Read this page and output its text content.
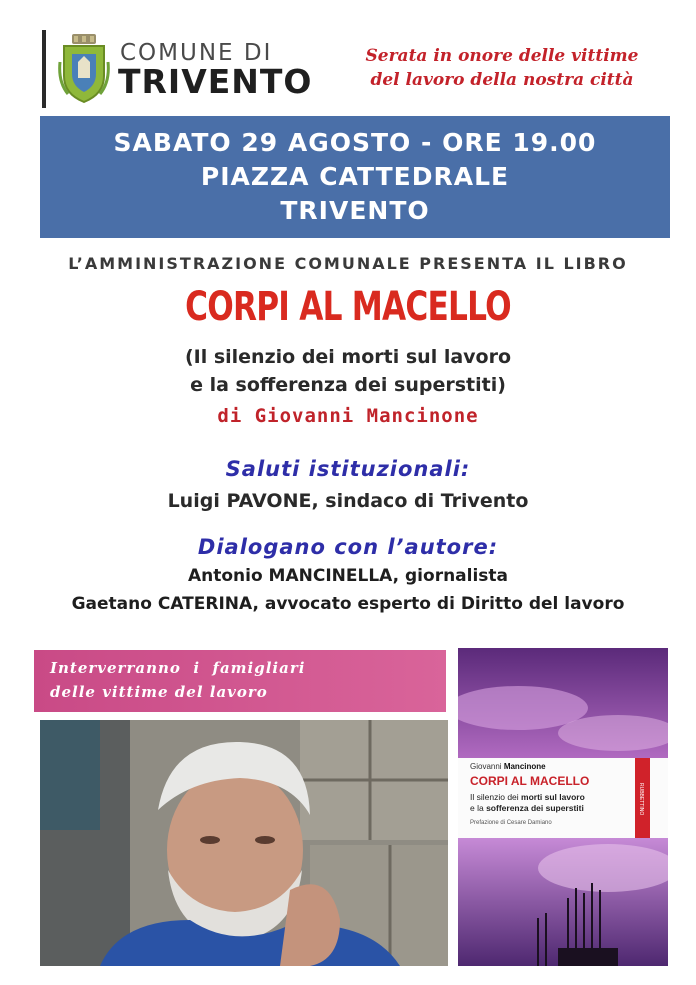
COMUNE DI
TRIVENTO
Serata in onore delle vittime
del lavoro della nostra città
SABATO 29 AGOSTO - ORE 19.00
PIAZZA CATTEDRALE
TRIVENTO
L’AMMINISTRAZIONE COMUNALE PRESENTA IL LIBRO
CORPI AL MACELLO
(Il silenzio dei morti sul lavoro
e la sofferenza dei superstiti)
di Giovanni Mancinone
Saluti istituzionali:
Luigi PAVONE, sindaco di Trivento
Dialogano con l’autore:
Antonio MANCINELLA, giornalista
Gaetano CATERINA, avvocato esperto di Diritto del lavoro
Interverranno  i  famigliari
delle vittime del lavoro
RUBBETTINO
Giovanni Mancinone
CORPI AL MACELLO
Il silenzio dei morti sul lavoro
e la sofferenza dei superstiti
Prefazione di Cesare Damiano
